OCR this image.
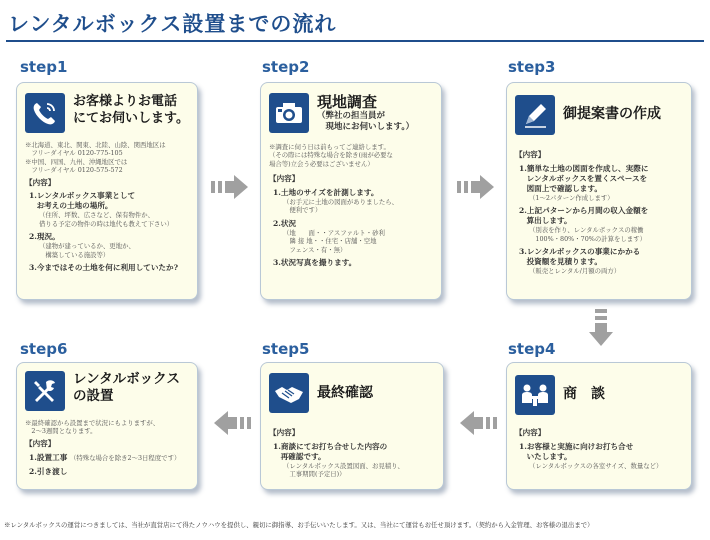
レンタルボックス設置までの流れ
step1
お客様よりお電話
にてお伺いします。
※北海道、東北、関東、北陸、山陰、関西地区は
　フリーダイヤル 0120-775-105
※中国、四国、九州、沖縄地区では
　フリーダイヤル 0120-575-572
【内容】
1.レンタルボックス事業として
　お考えの土地の場所。
（住所、坪数、広さなど、保有物件か、
借りる予定の物件の時は地代も教えて下さい）
2.現況。
（建物が建っているか、更地か、
　構築している施設等）
3.今まではその土地を何に利用していたか?
step2
現地調査
（弊社の担当員が
　現地にお伺いします。）
※調査に伺う日は前もってご連絡します。
（その際には特殊な場合を除き(雨が必要な
場合等)立会う必要はございません）
【内容】
1.土地のサイズを計測します。
（お手元に土地の図面がありましたら、
　便利です）
2.状況
（地　　面・・アスファルト・砂利
　隣 接 地・・住宅・店舗・空地
　フェンス・有・無）
3.状況写真を撮ります。
step3
御提案書の作成
【内容】
1.簡単な土地の図面を作成し、実際に
　レンタルボックスを置くスペースを
　図面上で確認します。
（1～2パターン作成します）
2.上記パターンから月間の収入金額を
　算出します。
（別表を作り、レンタルボックスの稼働
　100%・80%・70%の計算をします）
3.レンタルボックスの事業にかかる
　投資額を見積ります。
（販売とレンタル/月額の両方）
step4
商　談
【内容】
1.お客様と実施に向けお打ち合せ
　いたします。
（レンタルボックスの各室サイズ、数量など）
step5
最終確認
【内容】
1.商談にてお打ち合せした内容の
　再確認です。
（レンタルボックス設置図面、お見積り、
　工事期間(予定日)）
step6
レンタルボックス
の設置
※最終確認から設置まで状況にもよりますが、
　2～3週間となります。
【内容】
1.設置工事 （特殊な場合を除き2～3日程度です）
2.引き渡し
※レンタルボックスの運営につきましては、当社が直営店にて得たノウハウを提供し、親切に御指導、お手伝いいたします。又は、当社にて運営もお任せ頂けます。（契約から入金管理、お客様の退出まで）
